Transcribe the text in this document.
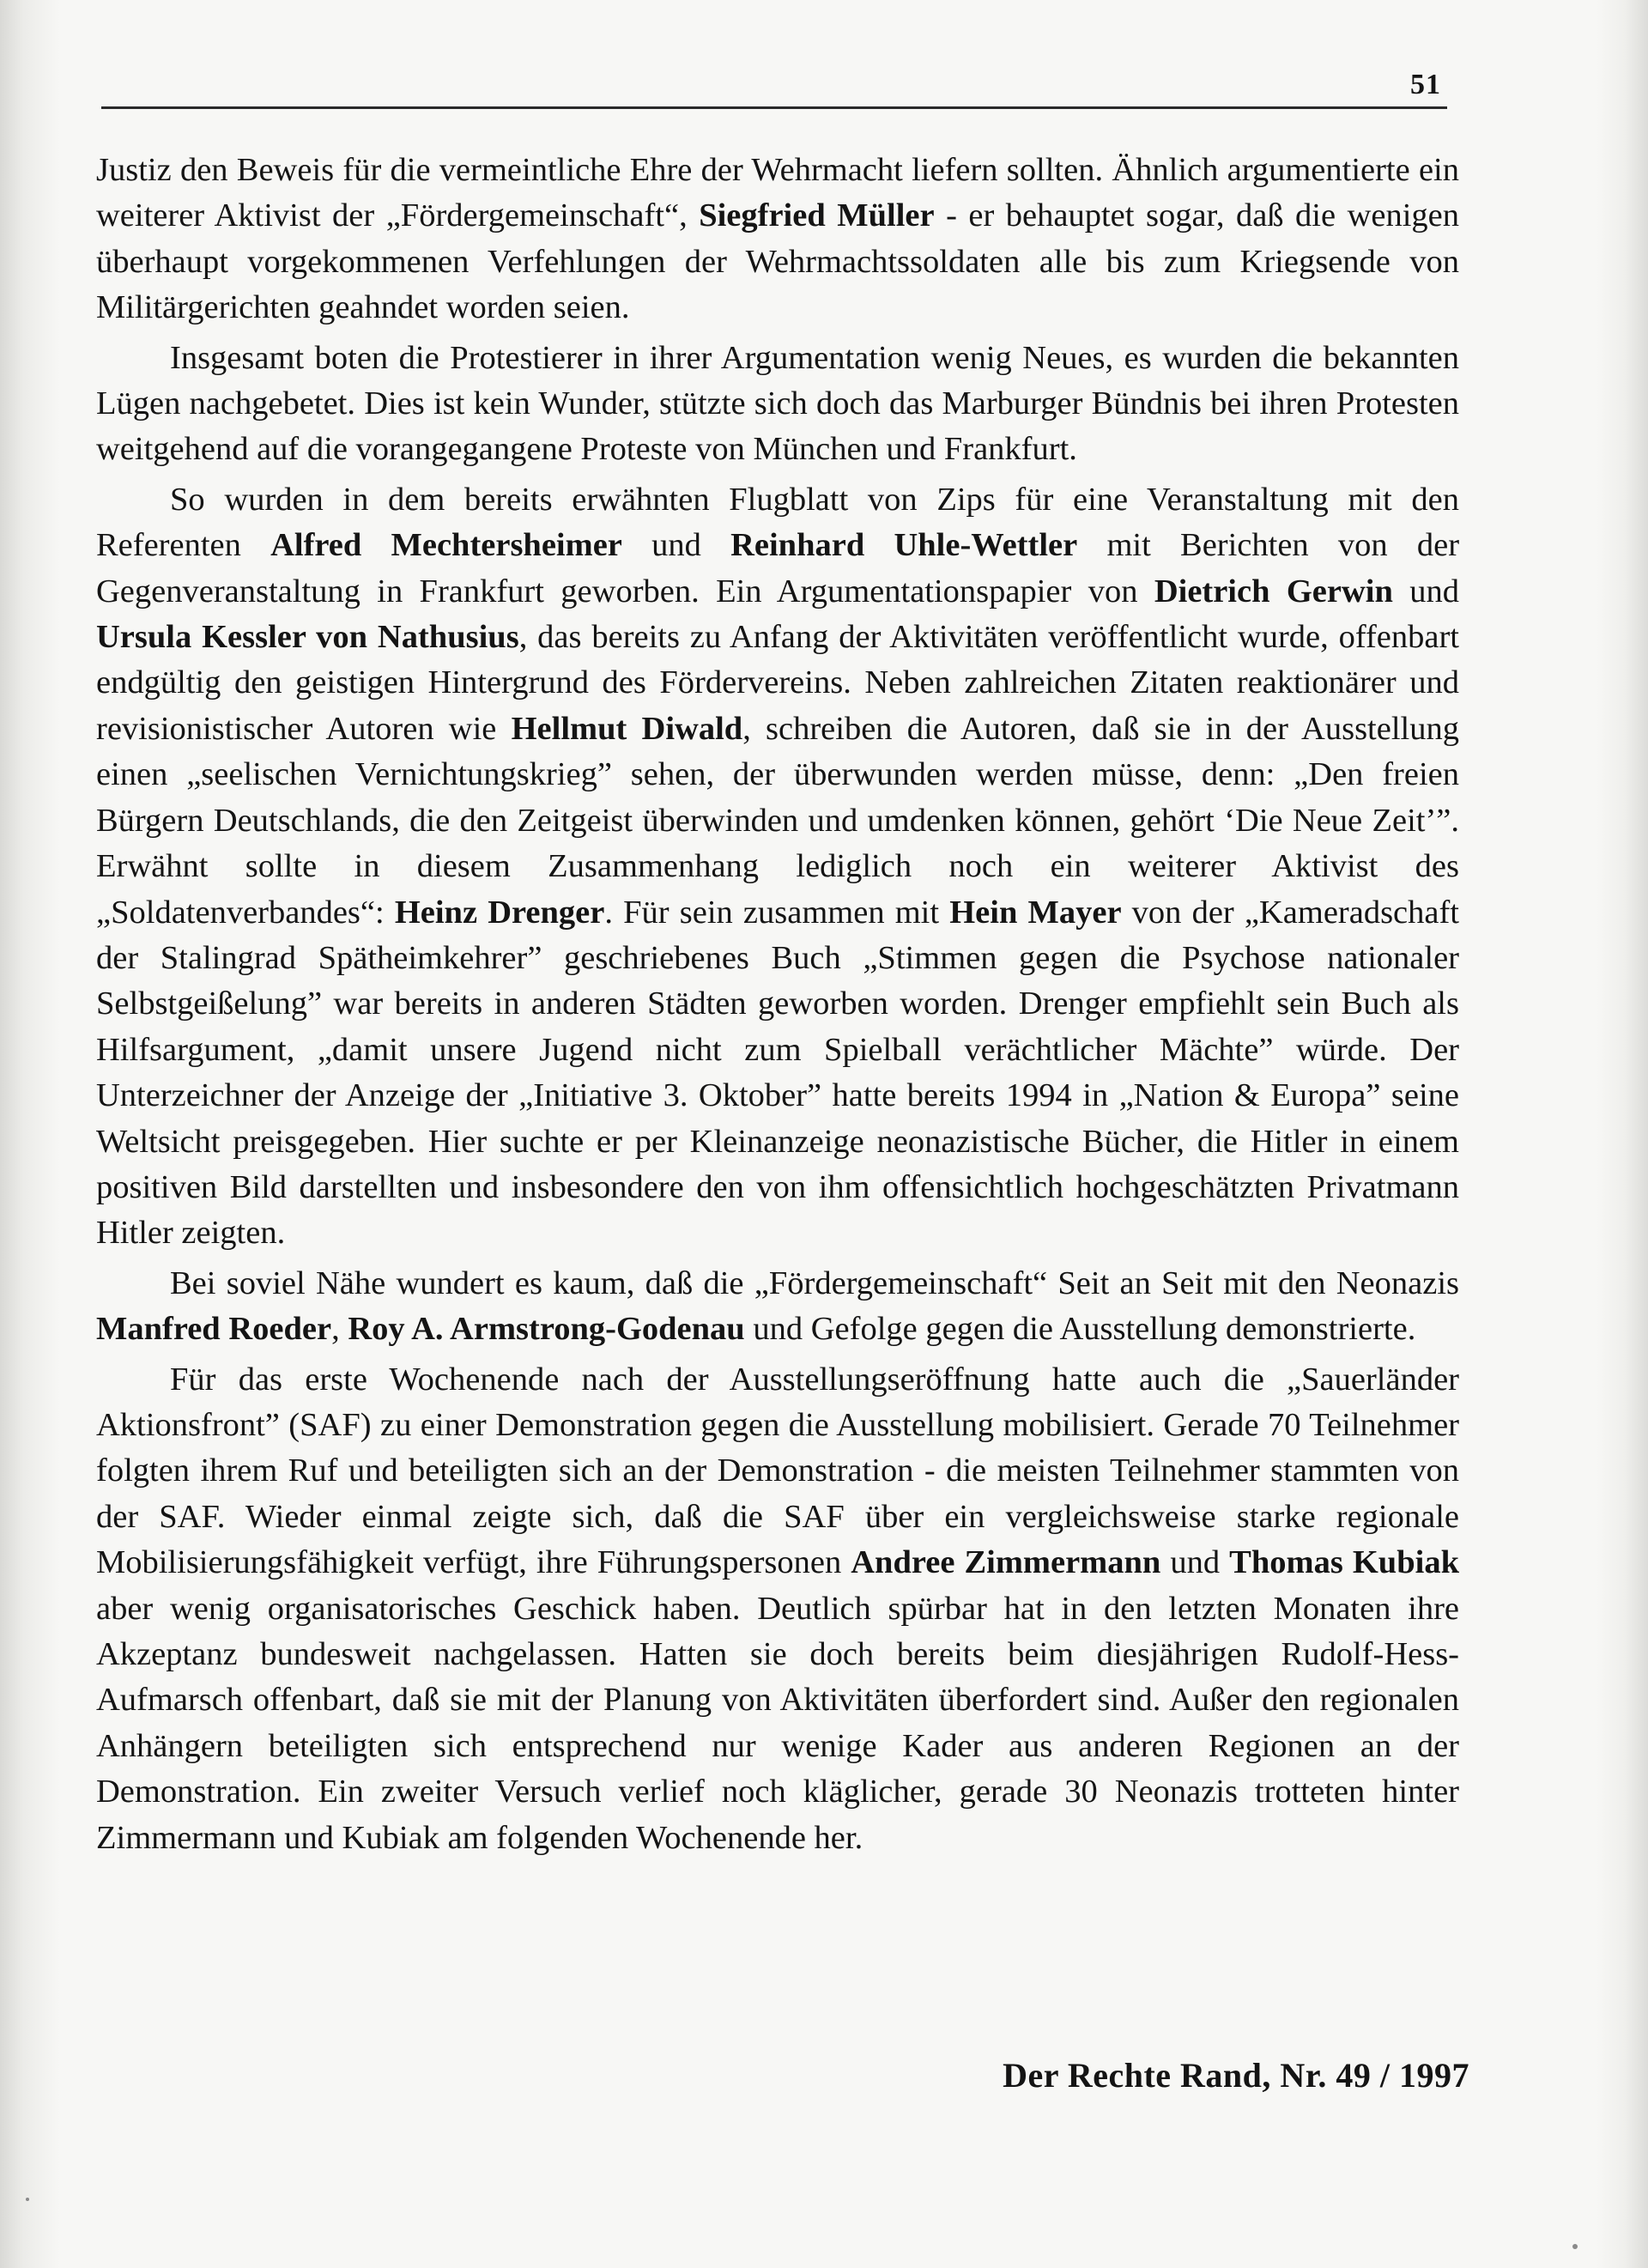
51

Justiz den Beweis für die vermeintliche Ehre der Wehrmacht liefern sollten. Ähnlich argumentierte ein weiterer Aktivist der „Fördergemeinschaft“, Siegfried Müller - er behauptet sogar, daß die wenigen überhaupt vorgekommenen Verfehlungen der Wehrmachtssoldaten alle bis zum Kriegsende von Militärgerichten geahndet worden seien.

Insgesamt boten die Protestierer in ihrer Argumentation wenig Neues, es wurden die bekannten Lügen nachgebetet. Dies ist kein Wunder, stützte sich doch das Marburger Bündnis bei ihren Protesten weitgehend auf die vorangegangene Proteste von München und Frankfurt.

So wurden in dem bereits erwähnten Flugblatt von Zips für eine Veranstaltung mit den Referenten Alfred Mechtersheimer und Reinhard Uhle-Wettler mit Berichten von der Gegenveranstaltung in Frankfurt geworben. Ein Argumentationspapier von Dietrich Gerwin und Ursula Kessler von Nathusius, das bereits zu Anfang der Aktivitäten veröffentlicht wurde, offenbart endgültig den geistigen Hintergrund des Fördervereins. Neben zahlreichen Zitaten reaktionärer und revisionistischer Autoren wie Hellmut Diwald, schreiben die Autoren, daß sie in der Ausstellung einen „seelischen Vernichtungskrieg” sehen, der überwunden werden müsse, denn: „Den freien Bürgern Deutschlands, die den Zeitgeist überwinden und umdenken können, gehört ‘Die Neue Zeit’”. Erwähnt sollte in diesem Zusammenhang lediglich noch ein weiterer Aktivist des „Soldatenverbandes“: Heinz Drenger. Für sein zusammen mit Hein Mayer von der „Kameradschaft der Stalingrad Spätheimkehrer” geschriebenes Buch „Stimmen gegen die Psychose nationaler Selbstgeißelung” war bereits in anderen Städten geworben worden. Drenger empfiehlt sein Buch als Hilfsargument, „damit unsere Jugend nicht zum Spielball verächtlicher Mächte” würde. Der Unterzeichner der Anzeige der „Initiative 3. Oktober” hatte bereits 1994 in „Nation & Europa” seine Weltsicht preisgegeben. Hier suchte er per Kleinanzeige neonazistische Bücher, die Hitler in einem positiven Bild darstellten und insbesondere den von ihm offensichtlich hochgeschätzten Privatmann Hitler zeigten.

Bei soviel Nähe wundert es kaum, daß die „Fördergemeinschaft“ Seit an Seit mit den Neonazis Manfred Roeder, Roy A. Armstrong-Godenau und Gefolge gegen die Ausstellung demonstrierte.

Für das erste Wochenende nach der Ausstellungseröffnung hatte auch die „Sauerländer Aktionsfront” (SAF) zu einer Demonstration gegen die Ausstellung mobilisiert. Gerade 70 Teilnehmer folgten ihrem Ruf und beteiligten sich an der Demonstration - die meisten Teilnehmer stammten von der SAF. Wieder einmal zeigte sich, daß die SAF über ein vergleichsweise starke regionale Mobilisierungsfähigkeit verfügt, ihre Führungspersonen Andree Zimmermann und Thomas Kubiak aber wenig organisatorisches Geschick haben. Deutlich spürbar hat in den letzten Monaten ihre Akzeptanz bundesweit nachgelassen. Hatten sie doch bereits beim diesjährigen Rudolf-Hess-Aufmarsch offenbart, daß sie mit der Planung von Aktivitäten überfordert sind. Außer den regionalen Anhängern beteiligten sich entsprechend nur wenige Kader aus anderen Regionen an der Demonstration. Ein zweiter Versuch verlief noch kläglicher, gerade 30 Neonazis trotteten hinter Zimmermann und Kubiak am folgenden Wochenende her.

Der Rechte Rand, Nr. 49 / 1997
